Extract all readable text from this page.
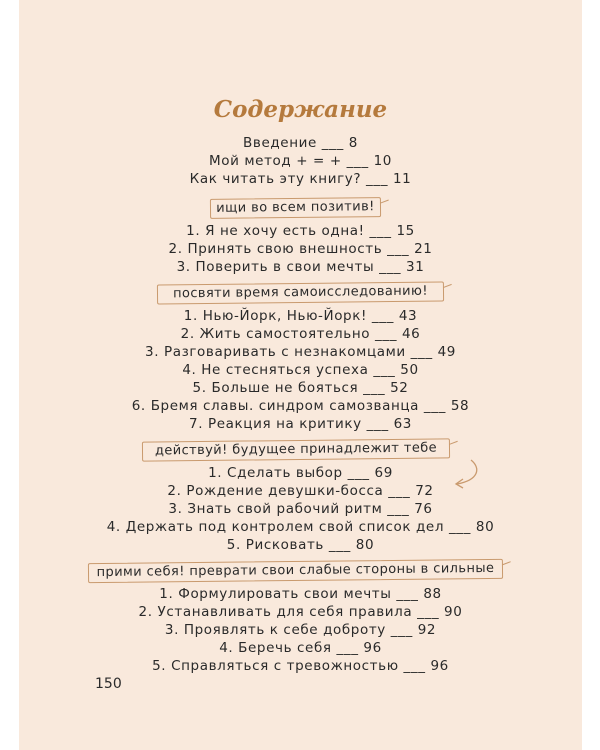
Содержание
Введение ___ 8
Мой метод + = + ___ 10
Как читать эту книгу? ___ 11
ищи во всем позитив!
1. Я не хочу есть одна! ___ 15
2. Принять свою внешность ___ 21
3. Поверить в свои мечты ___ 31
посвяти время самоисследованию!
1. Нью-Йорк, Нью-Йорк! ___ 43
2. Жить самостоятельно ___ 46
3. Разговаривать с незнакомцами ___ 49
4. Не стесняться успеха ___ 50
5. Больше не бояться ___ 52
6. Бремя славы. синдром самозванца ___ 58
7. Реакция на критику ___ 63
действуй! будущее принадлежит тебе
1. Сделать выбор ___ 69
2. Рождение девушки-босса ___ 72
3. Знать свой рабочий ритм ___ 76
4. Держать под контролем свой список дел ___ 80
5. Рисковать ___ 80
прими себя! преврати свои слабые стороны в сильные
1. Формулировать свои мечты ___ 88
2. Устанавливать для себя правила ___ 90
3. Проявлять к себе доброту ___ 92
4. Беречь себя ___ 96
5. Справляться с тревожностью ___ 96
150
